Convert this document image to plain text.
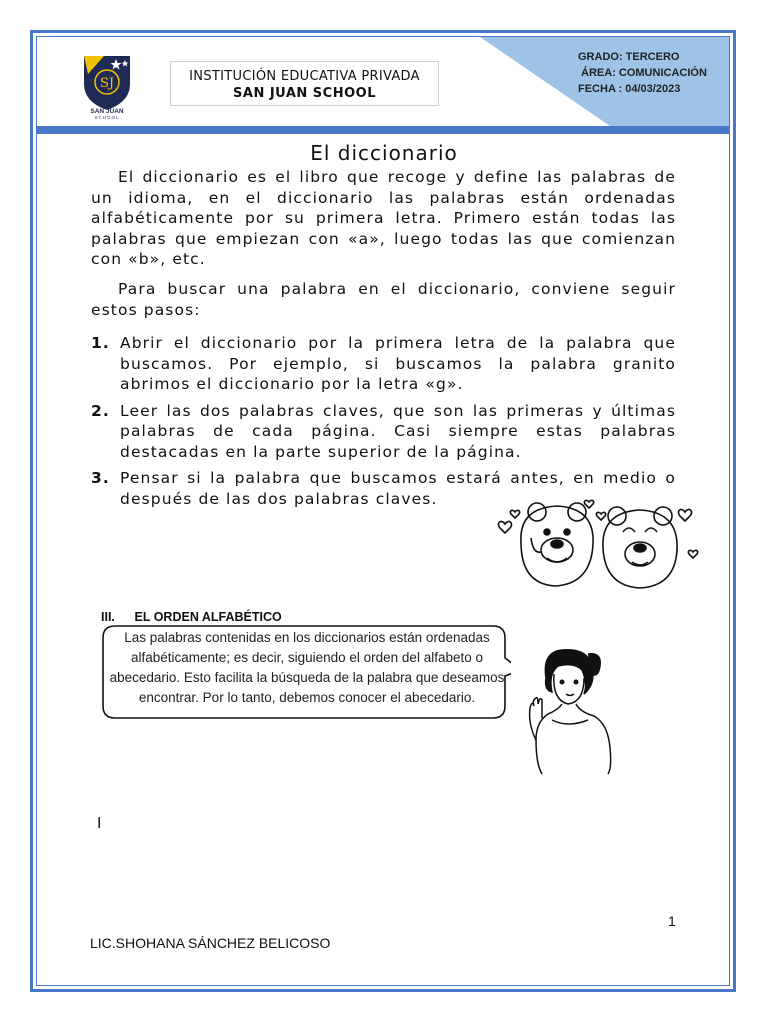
SJ
SAN JUAN
SCHOOL
INSTITUCIÓN EDUCATIVA PRIVADA
SAN JUAN SCHOOL
GRADO: TERCERO
ÁREA: COMUNICACIÓN
FECHA : 04/03/2023
El diccionario

El diccionario es el libro que recoge y define las palabras de un idioma, en el diccionario las palabras están ordenadas alfabéticamente por su primera letra. Primero están todas las palabras que empiezan con «a», luego todas las que comienzan con «b», etc.

Para buscar una palabra en el diccionario, conviene seguir estos pasos:

1. Abrir el diccionario por la primera letra de la palabra que buscamos. Por ejemplo, si buscamos la palabra granito abrimos el diccionario por la letra «g».
2. Leer las dos palabras claves, que son las primeras y últimas palabras de cada página. Casi siempre estas palabras destacadas en la parte superior de la página.
3. Pensar si la palabra que buscamos estará antes, en medio o después de las dos palabras claves.
III. EL ORDEN ALFABÉTICO
Las palabras contenidas en los diccionarios están ordenadas alfabéticamente; es decir, siguiendo el orden del alfabeto o abecedario. Esto facilita la búsqueda de la palabra que deseamos encontrar. Por lo tanto, debemos conocer el abecedario.
I
1
LIC.SHOHANA SÁNCHEZ BELICOSO
